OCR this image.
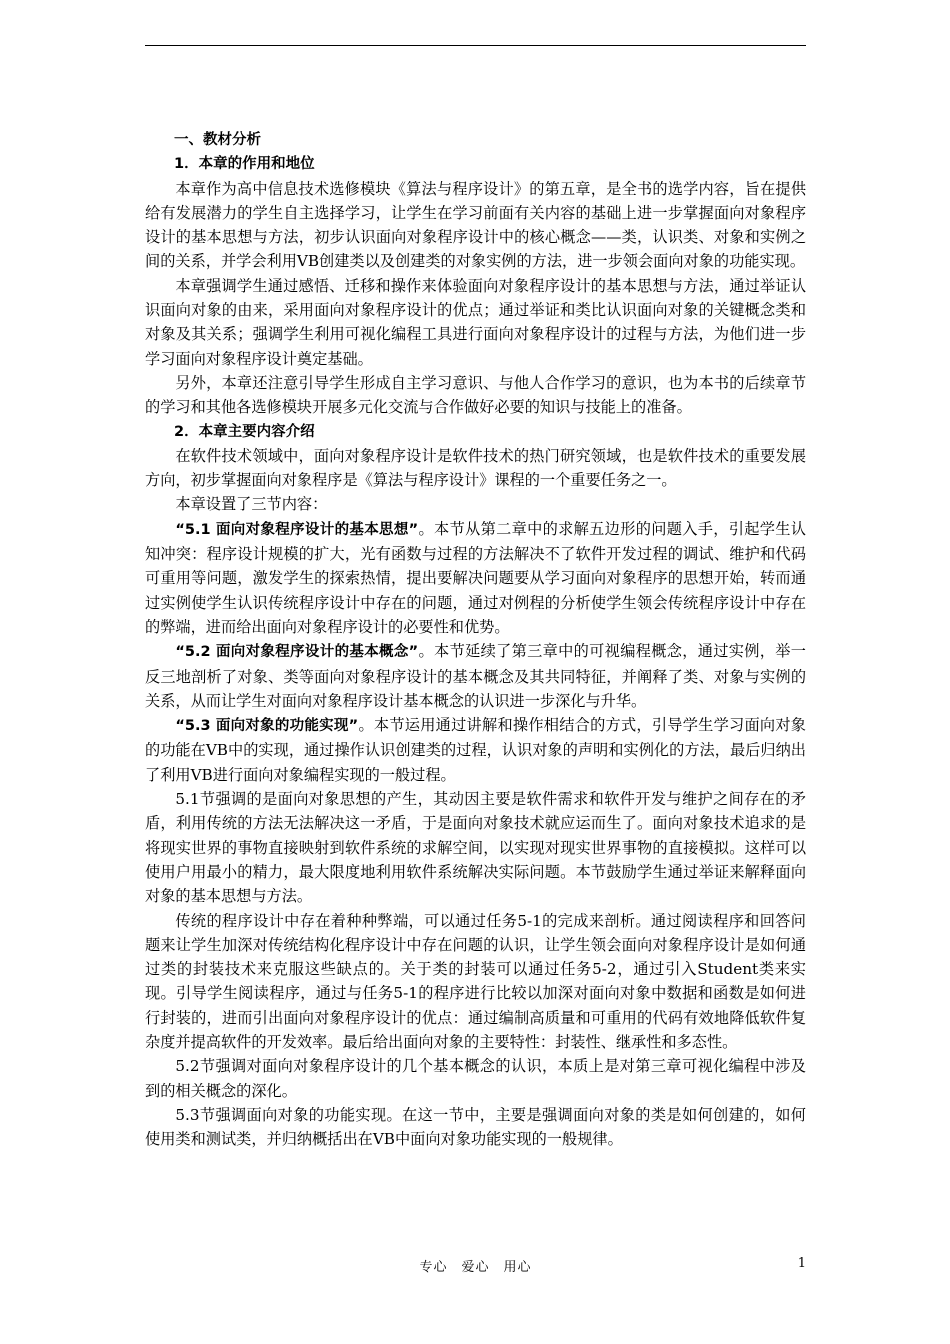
一、教材分析

1．本章的作用和地位

本章作为高中信息技术选修模块《算法与程序设计》的第五章，是全书的选学内容，旨在提供给有发展潜力的学生自主选择学习，让学生在学习前面有关内容的基础上进一步掌握面向对象程序设计的基本思想与方法，初步认识面向对象程序设计中的核心概念——类，认识类、对象和实例之间的关系，并学会利用VB创建类以及创建类的对象实例的方法，进一步领会面向对象的功能实现。

本章强调学生通过感悟、迁移和操作来体验面向对象程序设计的基本思想与方法，通过举证认识面向对象的由来，采用面向对象程序设计的优点；通过举证和类比认识面向对象的关键概念类和对象及其关系；强调学生利用可视化编程工具进行面向对象程序设计的过程与方法，为他们进一步学习面向对象程序设计奠定基础。

另外，本章还注意引导学生形成自主学习意识、与他人合作学习的意识，也为本书的后续章节的学习和其他各选修模块开展多元化交流与合作做好必要的知识与技能上的准备。

2．本章主要内容介绍

在软件技术领域中，面向对象程序设计是软件技术的热门研究领域，也是软件技术的重要发展方向，初步掌握面向对象程序是《算法与程序设计》课程的一个重要任务之一。

本章设置了三节内容：

“5.1 面向对象程序设计的基本思想”。本节从第二章中的求解五边形的问题入手，引起学生认知冲突：程序设计规模的扩大，光有函数与过程的方法解决不了软件开发过程的调试、维护和代码可重用等问题，激发学生的探索热情，提出要解决问题要从学习面向对象程序的思想开始，转而通过实例使学生认识传统程序设计中存在的问题，通过对例程的分析使学生领会传统程序设计中存在的弊端，进而给出面向对象程序设计的必要性和优势。

“5.2 面向对象程序设计的基本概念”。本节延续了第三章中的可视编程概念，通过实例，举一反三地剖析了对象、类等面向对象程序设计的基本概念及其共同特征，并阐释了类、对象与实例的关系，从而让学生对面向对象程序设计基本概念的认识进一步深化与升华。

“5.3 面向对象的功能实现”。本节运用通过讲解和操作相结合的方式，引导学生学习面向对象的功能在VB中的实现，通过操作认识创建类的过程，认识对象的声明和实例化的方法，最后归纳出了利用VB进行面向对象编程实现的一般过程。

5.1节强调的是面向对象思想的产生，其动因主要是软件需求和软件开发与维护之间存在的矛盾，利用传统的方法无法解决这一矛盾，于是面向对象技术就应运而生了。面向对象技术追求的是将现实世界的事物直接映射到软件系统的求解空间，以实现对现实世界事物的直接模拟。这样可以使用户用最小的精力，最大限度地利用软件系统解决实际问题。本节鼓励学生通过举证来解释面向对象的基本思想与方法。

传统的程序设计中存在着种种弊端，可以通过任务5-1的完成来剖析。通过阅读程序和回答问题来让学生加深对传统结构化程序设计中存在问题的认识，让学生领会面向对象程序设计是如何通过类的封装技术来克服这些缺点的。关于类的封装可以通过任务5-2，通过引入Student类来实现。引导学生阅读程序，通过与任务5-1的程序进行比较以加深对面向对象中数据和函数是如何进行封装的，进而引出面向对象程序设计的优点：通过编制高质量和可重用的代码有效地降低软件复杂度并提高软件的开发效率。最后给出面向对象的主要特性：封装性、继承性和多态性。

5.2节强调对面向对象程序设计的几个基本概念的认识，本质上是对第三章可视化编程中涉及到的相关概念的深化。

5.3节强调面向对象的功能实现。在这一节中，主要是强调面向对象的类是如何创建的，如何使用类和测试类，并归纳概括出在VB中面向对象功能实现的一般规律。

专心　爱心　用心	1
